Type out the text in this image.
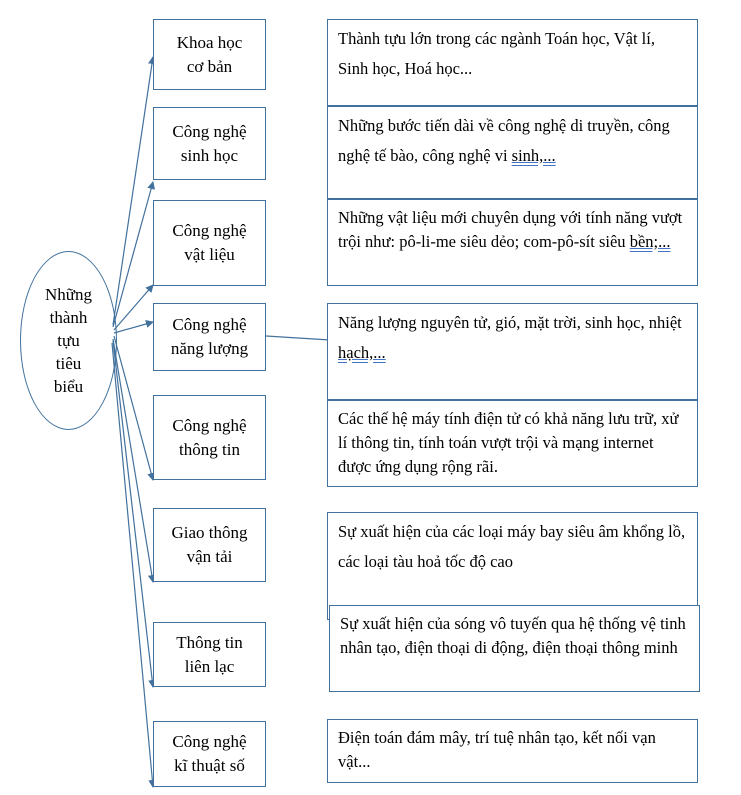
Những
thành
tựu
tiêu
biểu
Khoa học
cơ bản
Công nghệ
sinh học
Công nghệ
vật liệu
Công nghệ
năng lượng
Công nghệ
thông tin
Giao thông
vận tải
Thông tin
liên lạc
Công nghệ
kĩ thuật số
Thành tựu lớn trong các ngành Toán học, Vật lí, Sinh học, Hoá học...
Những bước tiến dài về công nghệ di truyền, công nghệ tế bào, công nghệ vi sinh,...
Những vật liệu mới chuyên dụng với tính năng vượt trội như: pô-li-me siêu dẻo; com-pô-sít siêu bền;...
Năng lượng nguyên tử, gió, mặt trời, sinh học, nhiệt hạch,...
Các thế hệ máy tính điện tử có khả năng lưu trữ, xử lí thông tin, tính toán vượt trội và mạng internet được ứng dụng rộng rãi.
Sự xuất hiện của các loại máy bay siêu âm khổng lồ, các loại tàu hoả tốc độ cao
Sự xuất hiện của sóng vô tuyến qua hệ thống vệ tinh nhân tạo, điện thoại di động, điện thoại thông minh
Điện toán đám mây, trí tuệ nhân tạo, kết nối vạn vật...
